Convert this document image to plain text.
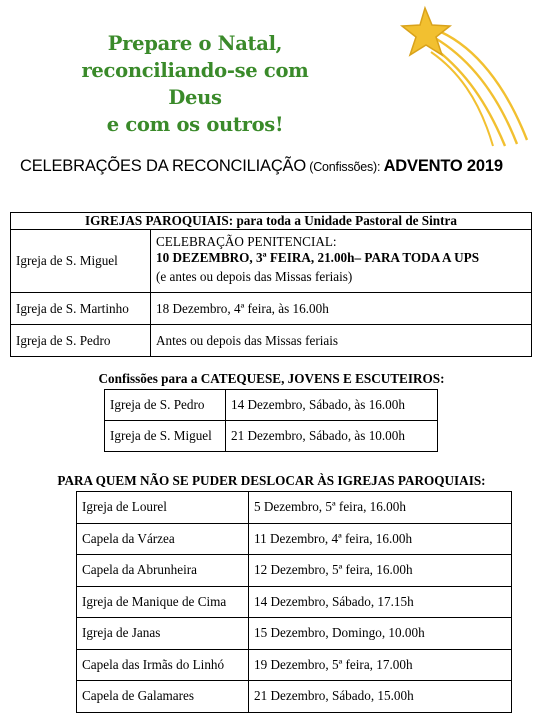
Prepare o Natal,
reconciliando-se com Deus
e com os outros!
CELEBRAÇÕES DA RECONCILIAÇÃO (Confissões): ADVENTO 2019
IGREJAS PAROQUIAIS: para toda a Unidade Pastoral de Sintra	
Igreja de S. Miguel	CELEBRAÇÃO PENITENCIAL:
10 DEZEMBRO, 3ª FEIRA, 21.00h– PARA TODA A UPS
(e antes ou depois das Missas feriais)

Igreja de S. Martinho	18 Dezembro, 4ª feira, às 16.00h
Igreja de S. Pedro	Antes ou depois das Missas feriais
Confissões para a CATEQUESE, JOVENS E ESCUTEIROS:
Igreja de S. Pedro	14 Dezembro, Sábado, às 16.00h
Igreja de S. Miguel	21 Dezembro, Sábado, às 10.00h
PARA QUEM NÃO SE PUDER DESLOCAR ÀS IGREJAS PAROQUIAIS:
Igreja de Lourel	5 Dezembro, 5ª feira, 16.00h
Capela da Várzea	11 Dezembro, 4ª feira, 16.00h
Capela da Abrunheira	12 Dezembro, 5ª feira, 16.00h
Igreja de Manique de Cima	14 Dezembro, Sábado, 17.15h
Igreja de Janas	15 Dezembro, Domingo, 10.00h
Capela das Irmãs do Linhó	19 Dezembro, 5ª feira, 17.00h
Capela de Galamares	21 Dezembro, Sábado, 15.00h
